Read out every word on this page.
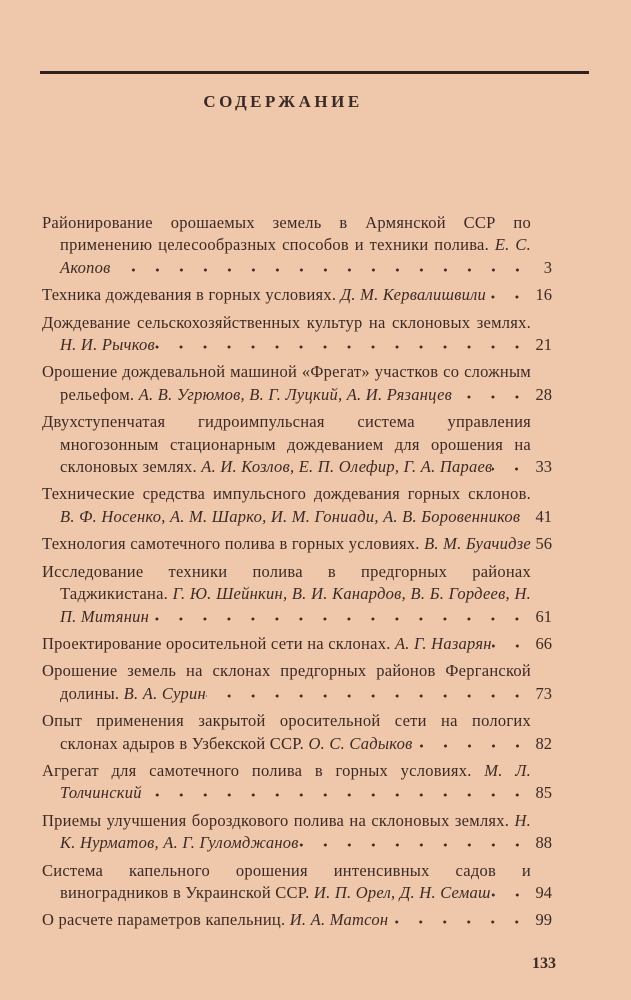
СОДЕРЖАНИЕ
Районирование орошаемых земель в Армянской ССР по применению целесообразных способов и техники полива. Е. С. Акопов	3
Техника дождевания в горных условиях. Д. М. Кервалишвили	16
Дождевание сельскохозяйственных культур на склоновых землях. Н. И. Рычков	21
Орошение дождевальной машиной «Фрегат» участков со сложным рельефом. А. В. Угрюмов, В. Г. Луцкий, А. И. Рязанцев	28
Двухступенчатая гидроимпульсная система управления многозонным стационарным дождеванием для орошения на склоновых землях. А. И. Козлов, Е. П. Олефир, Г. А. Параев	33
Технические средства импульсного дождевания горных склонов. В. Ф. Носенко, А. М. Шарко, И. М. Гониади, А. В. Боровенников 41
Технология самотечного полива в горных условиях. В. М. Буачидзе 56
Исследование техники полива в предгорных районах Таджикистана. Г. Ю. Шейнкин, В. И. Канардов, В. Б. Гордеев, Н. П. Митянин	61
Проектирование оросительной сети на склонах. А. Г. Назарян	66
Орошение земель на склонах предгорных районов Ферганской долины. В. А. Сурин	73
Опыт применения закрытой оросительной сети на пологих склонах адыров в Узбекской ССР. О. С. Садыков	82
Агрегат для самотечного полива в горных условиях. М. Л. Толчинский	85
Приемы улучшения бороздкового полива на склоновых землях. Н. К. Нурматов, А. Г. Гуломджанов	88
Система капельного орошения интенсивных садов и виноградников в Украинской ССР. И. П. Орел, Д. Н. Семаш	94
О расчете параметров капельниц. И. А. Матсон	99
133
